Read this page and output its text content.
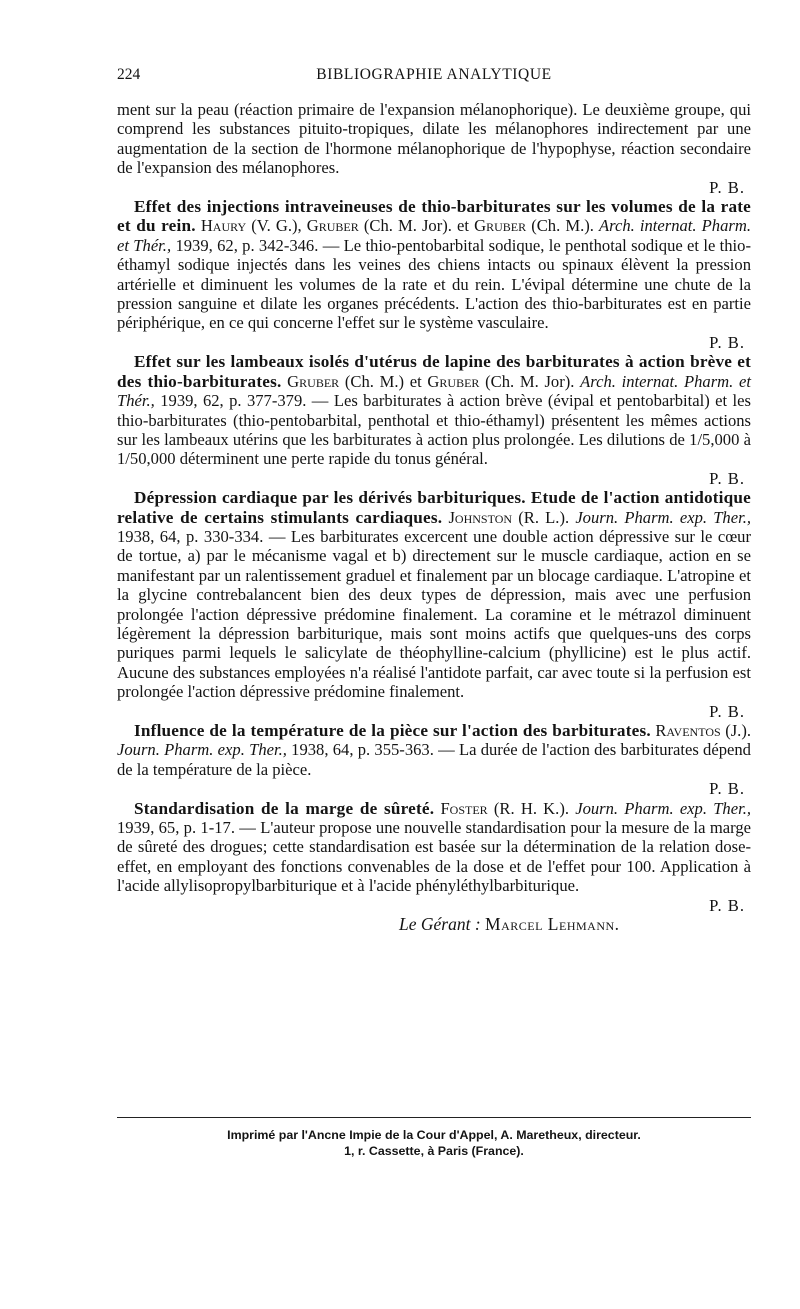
224	BIBLIOGRAPHIE ANALYTIQUE

ment sur la peau (réaction primaire de l'expansion mélanophorique). Le deuxième groupe, qui comprend les substances pituito-tropiques, dilate les mélanophores indirectement par une augmentation de la section de l'hormone mélanophorique de l'hypophyse, réaction secondaire de l'expansion des mélanophores.
P. B.

Effet des injections intraveineuses de thio-barbiturates sur les volumes de la rate et du rein. Haury (V. G.), Gruber (Ch. M. Jor). et Gruber (Ch. M.). Arch. internat. Pharm. et Thér., 1939, 62, p. 342-346. — Le thio-pentobarbital sodique, le penthotal sodique et le thio-éthamyl sodique injectés dans les veines des chiens intacts ou spinaux élèvent la pression artérielle et diminuent les volumes de la rate et du rein. L'évipal détermine une chute de la pression sanguine et dilate les organes précédents. L'action des thio-barbiturates est en partie périphérique, en ce qui concerne l'effet sur le système vasculaire.
P. B.

Effet sur les lambeaux isolés d'utérus de lapine des barbiturates à action brève et des thio-barbiturates. Gruber (Ch. M.) et Gruber (Ch. M. Jor). Arch. internat. Pharm. et Thér., 1939, 62, p. 377-379. — Les barbiturates à action brève (évipal et pentobarbital) et les thio-barbiturates (thio-pentobarbital, penthotal et thio-éthamyl) présentent les mêmes actions sur les lambeaux utérins que les barbiturates à action plus prolongée. Les dilutions de 1/5,000 à 1/50,000 déterminent une perte rapide du tonus général.
P. B.

Dépression cardiaque par les dérivés barbituriques. Etude de l'action antidotique relative de certains stimulants cardiaques. Johnston (R. L.). Journ. Pharm. exp. Ther., 1938, 64, p. 330-334. — Les barbiturates excercent une double action dépressive sur le cœur de tortue, a) par le mécanisme vagal et b) directement sur le muscle cardiaque, action en se manifestant par un ralentissement graduel et finalement par un blocage cardiaque. L'atropine et la glycine contrebalancent bien des deux types de dépression, mais avec une perfusion prolongée l'action dépressive prédomine finalement. La coramine et le métrazol diminuent légèrement la dépression barbiturique, mais sont moins actifs que quelques-uns des corps puriques parmi lequels le salicylate de théophylline-calcium (phyllicine) est le plus actif. Aucune des substances employées n'a réalisé l'antidote parfait, car avec toute si la perfusion est prolongée l'action dépressive prédomine finalement.
P. B.

Influence de la température de la pièce sur l'action des barbiturates. Raventos (J.). Journ. Pharm. exp. Ther., 1938, 64, p. 355-363. — La durée de l'action des barbiturates dépend de la température de la pièce.
P. B.

Standardisation de la marge de sûreté. Foster (R. H. K.). Journ. Pharm. exp. Ther., 1939, 65, p. 1-17. — L'auteur propose une nouvelle standardisation pour la mesure de la marge de sûreté des drogues; cette standardisation est basée sur la détermination de la relation dose-effet, en employant des fonctions convenables de la dose et de l'effet pour 100. Application à l'acide allylisopropylbarbiturique et à l'acide phényléthylbarbiturique.
P. B.

Le Gérant : Marcel Lehmann.

Imprimé par l'Ancne Impie de la Cour d'Appel, A. Maretheux, directeur.
1, r. Cassette, à Paris (France).
